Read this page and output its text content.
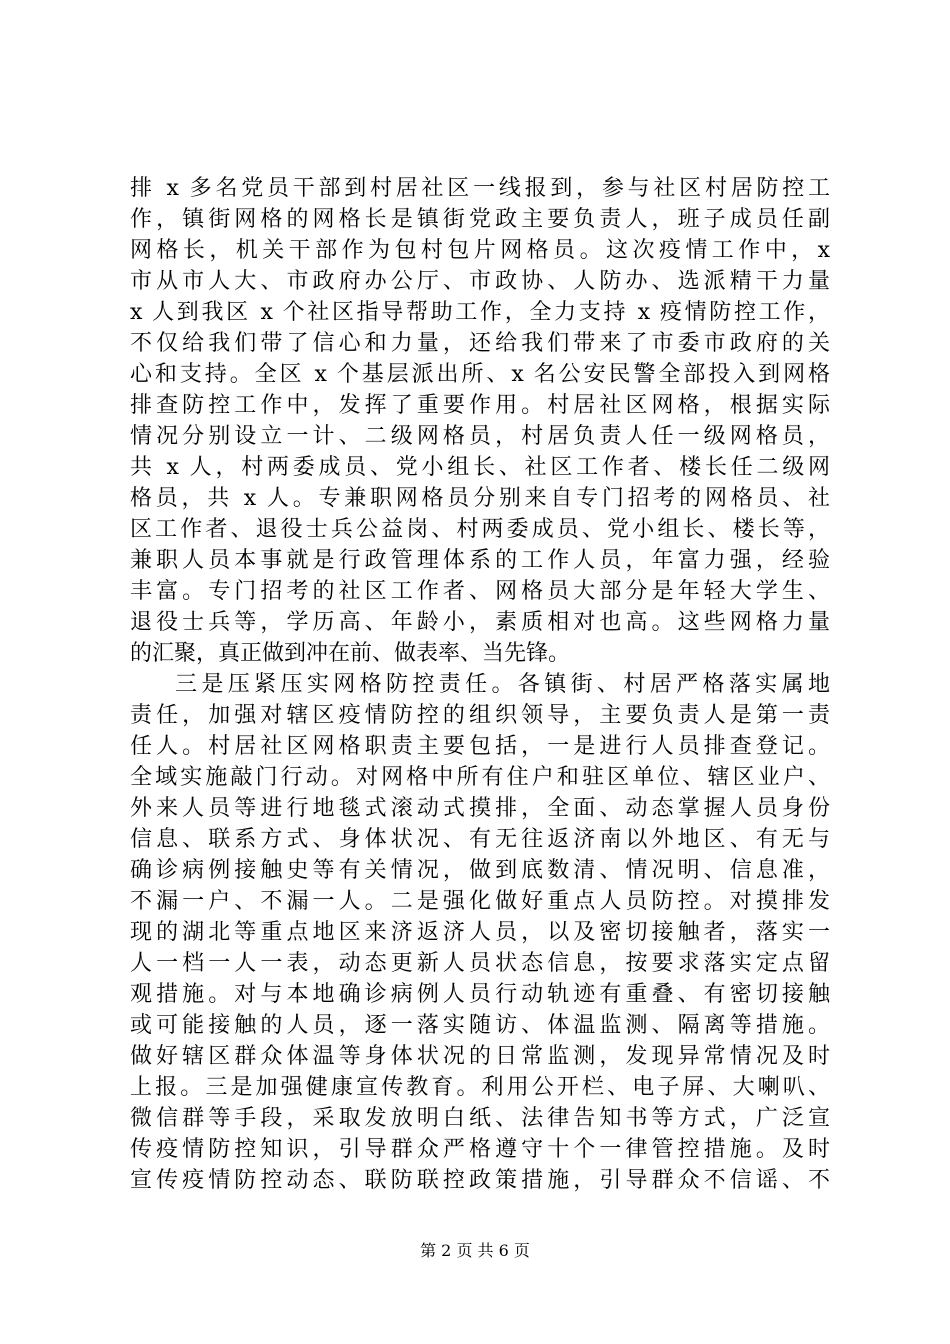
排 x 多名党员干部到村居社区一线报到，参与社区村居防控工
作，镇街网格的网格长是镇街党政主要负责人，班子成员任副
网格长，机关干部作为包村包片网格员。这次疫情工作中，x
市从市人大、市政府办公厅、市政协、人防办、选派精干力量
x 人到我区 x 个社区指导帮助工作，全力支持 x 疫情防控工作，
不仅给我们带了信心和力量，还给我们带来了市委市政府的关
心和支持。全区 x 个基层派出所、x 名公安民警全部投入到网格
排查防控工作中，发挥了重要作用。村居社区网格，根据实际
情况分别设立一计、二级网格员，村居负责人任一级网格员，
共 x 人，村两委成员、党小组长、社区工作者、楼长任二级网
格员，共 x 人。专兼职网格员分别来自专门招考的网格员、社
区工作者、退役士兵公益岗、村两委成员、党小组长、楼长等，
兼职人员本事就是行政管理体系的工作人员，年富力强，经验
丰富。专门招考的社区工作者、网格员大部分是年轻大学生、
退役士兵等，学历高、年龄小，素质相对也高。这些网格力量
的汇聚，真正做到冲在前、做表率、当先锋。
三是压紧压实网格防控责任。各镇街、村居严格落实属地
责任，加强对辖区疫情防控的组织领导，主要负责人是第一责
任人。村居社区网格职责主要包括，一是进行人员排查登记。
全域实施敲门行动。对网格中所有住户和驻区单位、辖区业户、
外来人员等进行地毯式滚动式摸排，全面、动态掌握人员身份
信息、联系方式、身体状况、有无往返济南以外地区、有无与
确诊病例接触史等有关情况，做到底数清、情况明、信息准，
不漏一户、不漏一人。二是强化做好重点人员防控。对摸排发
现的湖北等重点地区来济返济人员，以及密切接触者，落实一
人一档一人一表，动态更新人员状态信息，按要求落实定点留
观措施。对与本地确诊病例人员行动轨迹有重叠、有密切接触
或可能接触的人员，逐一落实随访、体温监测、隔离等措施。
做好辖区群众体温等身体状况的日常监测，发现异常情况及时
上报。三是加强健康宣传教育。利用公开栏、电子屏、大喇叭、
微信群等手段，采取发放明白纸、法律告知书等方式，广泛宣
传疫情防控知识，引导群众严格遵守十个一律管控措施。及时
宣传疫情防控动态、联防联控政策措施，引导群众不信谣、不
第 2 页 共 6 页
